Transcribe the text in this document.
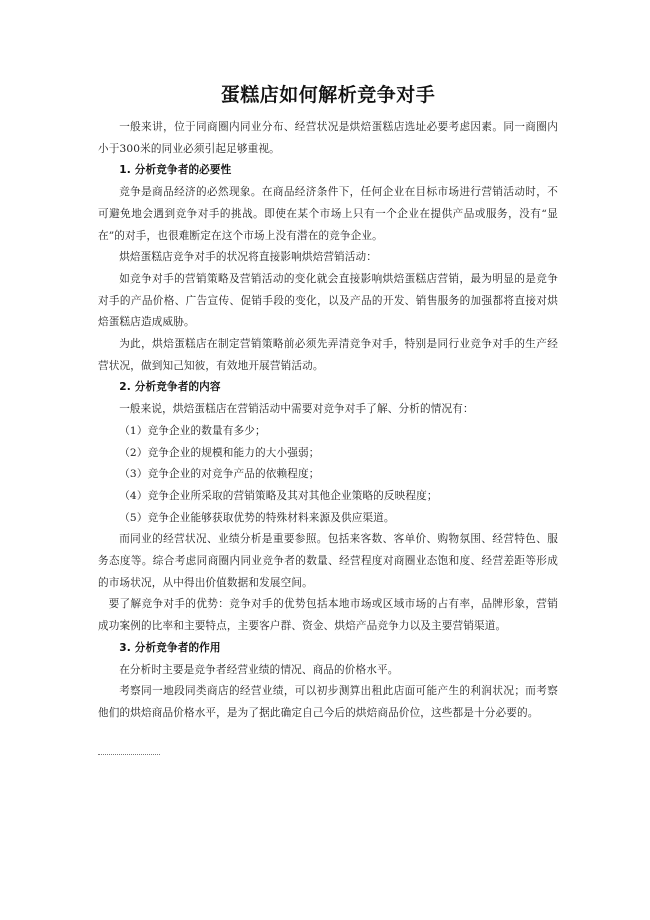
蛋糕店如何解析竞争对手

一般来讲，位于同商圈内同业分布、经营状况是烘焙蛋糕店选址必要考虑因素。同一商圈内小于300米的同业必须引起足够重视。

1. 分析竞争者的必要性

竞争是商品经济的必然现象。在商品经济条件下，任何企业在目标市场进行营销活动时，不可避免地会遇到竞争对手的挑战。即使在某个市场上只有一个企业在提供产品或服务，没有“显在”的对手，也很难断定在这个市场上没有潜在的竞争企业。

烘焙蛋糕店竞争对手的状况将直接影响烘焙营销活动：

如竞争对手的营销策略及营销活动的变化就会直接影响烘焙蛋糕店营销，最为明显的是竞争对手的产品价格、广告宣传、促销手段的变化，以及产品的开发、销售服务的加强都将直接对烘焙蛋糕店造成威胁。

为此，烘焙蛋糕店在制定营销策略前必须先弄清竞争对手，特别是同行业竞争对手的生产经营状况，做到知己知彼，有效地开展营销活动。

2. 分析竞争者的内容

一般来说，烘焙蛋糕店在营销活动中需要对竞争对手了解、分析的情况有：

（1）竞争企业的数量有多少；

（2）竞争企业的规模和能力的大小强弱；

（3）竞争企业的对竞争产品的依赖程度；

（4）竞争企业所采取的营销策略及其对其他企业策略的反映程度；

（5）竞争企业能够获取优势的特殊材料来源及供应渠道。

而同业的经营状况、业绩分析是重要参照。包括来客数、客单价、购物氛围、经营特色、服务态度等。综合考虑同商圈内同业竞争者的数量、经营程度对商圈业态饱和度、经营差距等形成的市场状况，从中得出价值数据和发展空间。

要了解竞争对手的优势：竞争对手的优势包括本地市场或区域市场的占有率，品牌形象，营销成功案例的比率和主要特点，主要客户群、资金、烘焙产品竞争力以及主要营销渠道。

3. 分析竞争者的作用

在分析时主要是竞争者经营业绩的情况、商品的价格水平。

考察同一地段同类商店的经营业绩，可以初步测算出租此店面可能产生的利润状况；而考察他们的烘焙商品价格水平，是为了据此确定自己今后的烘焙商品价位，这些都是十分必要的。
